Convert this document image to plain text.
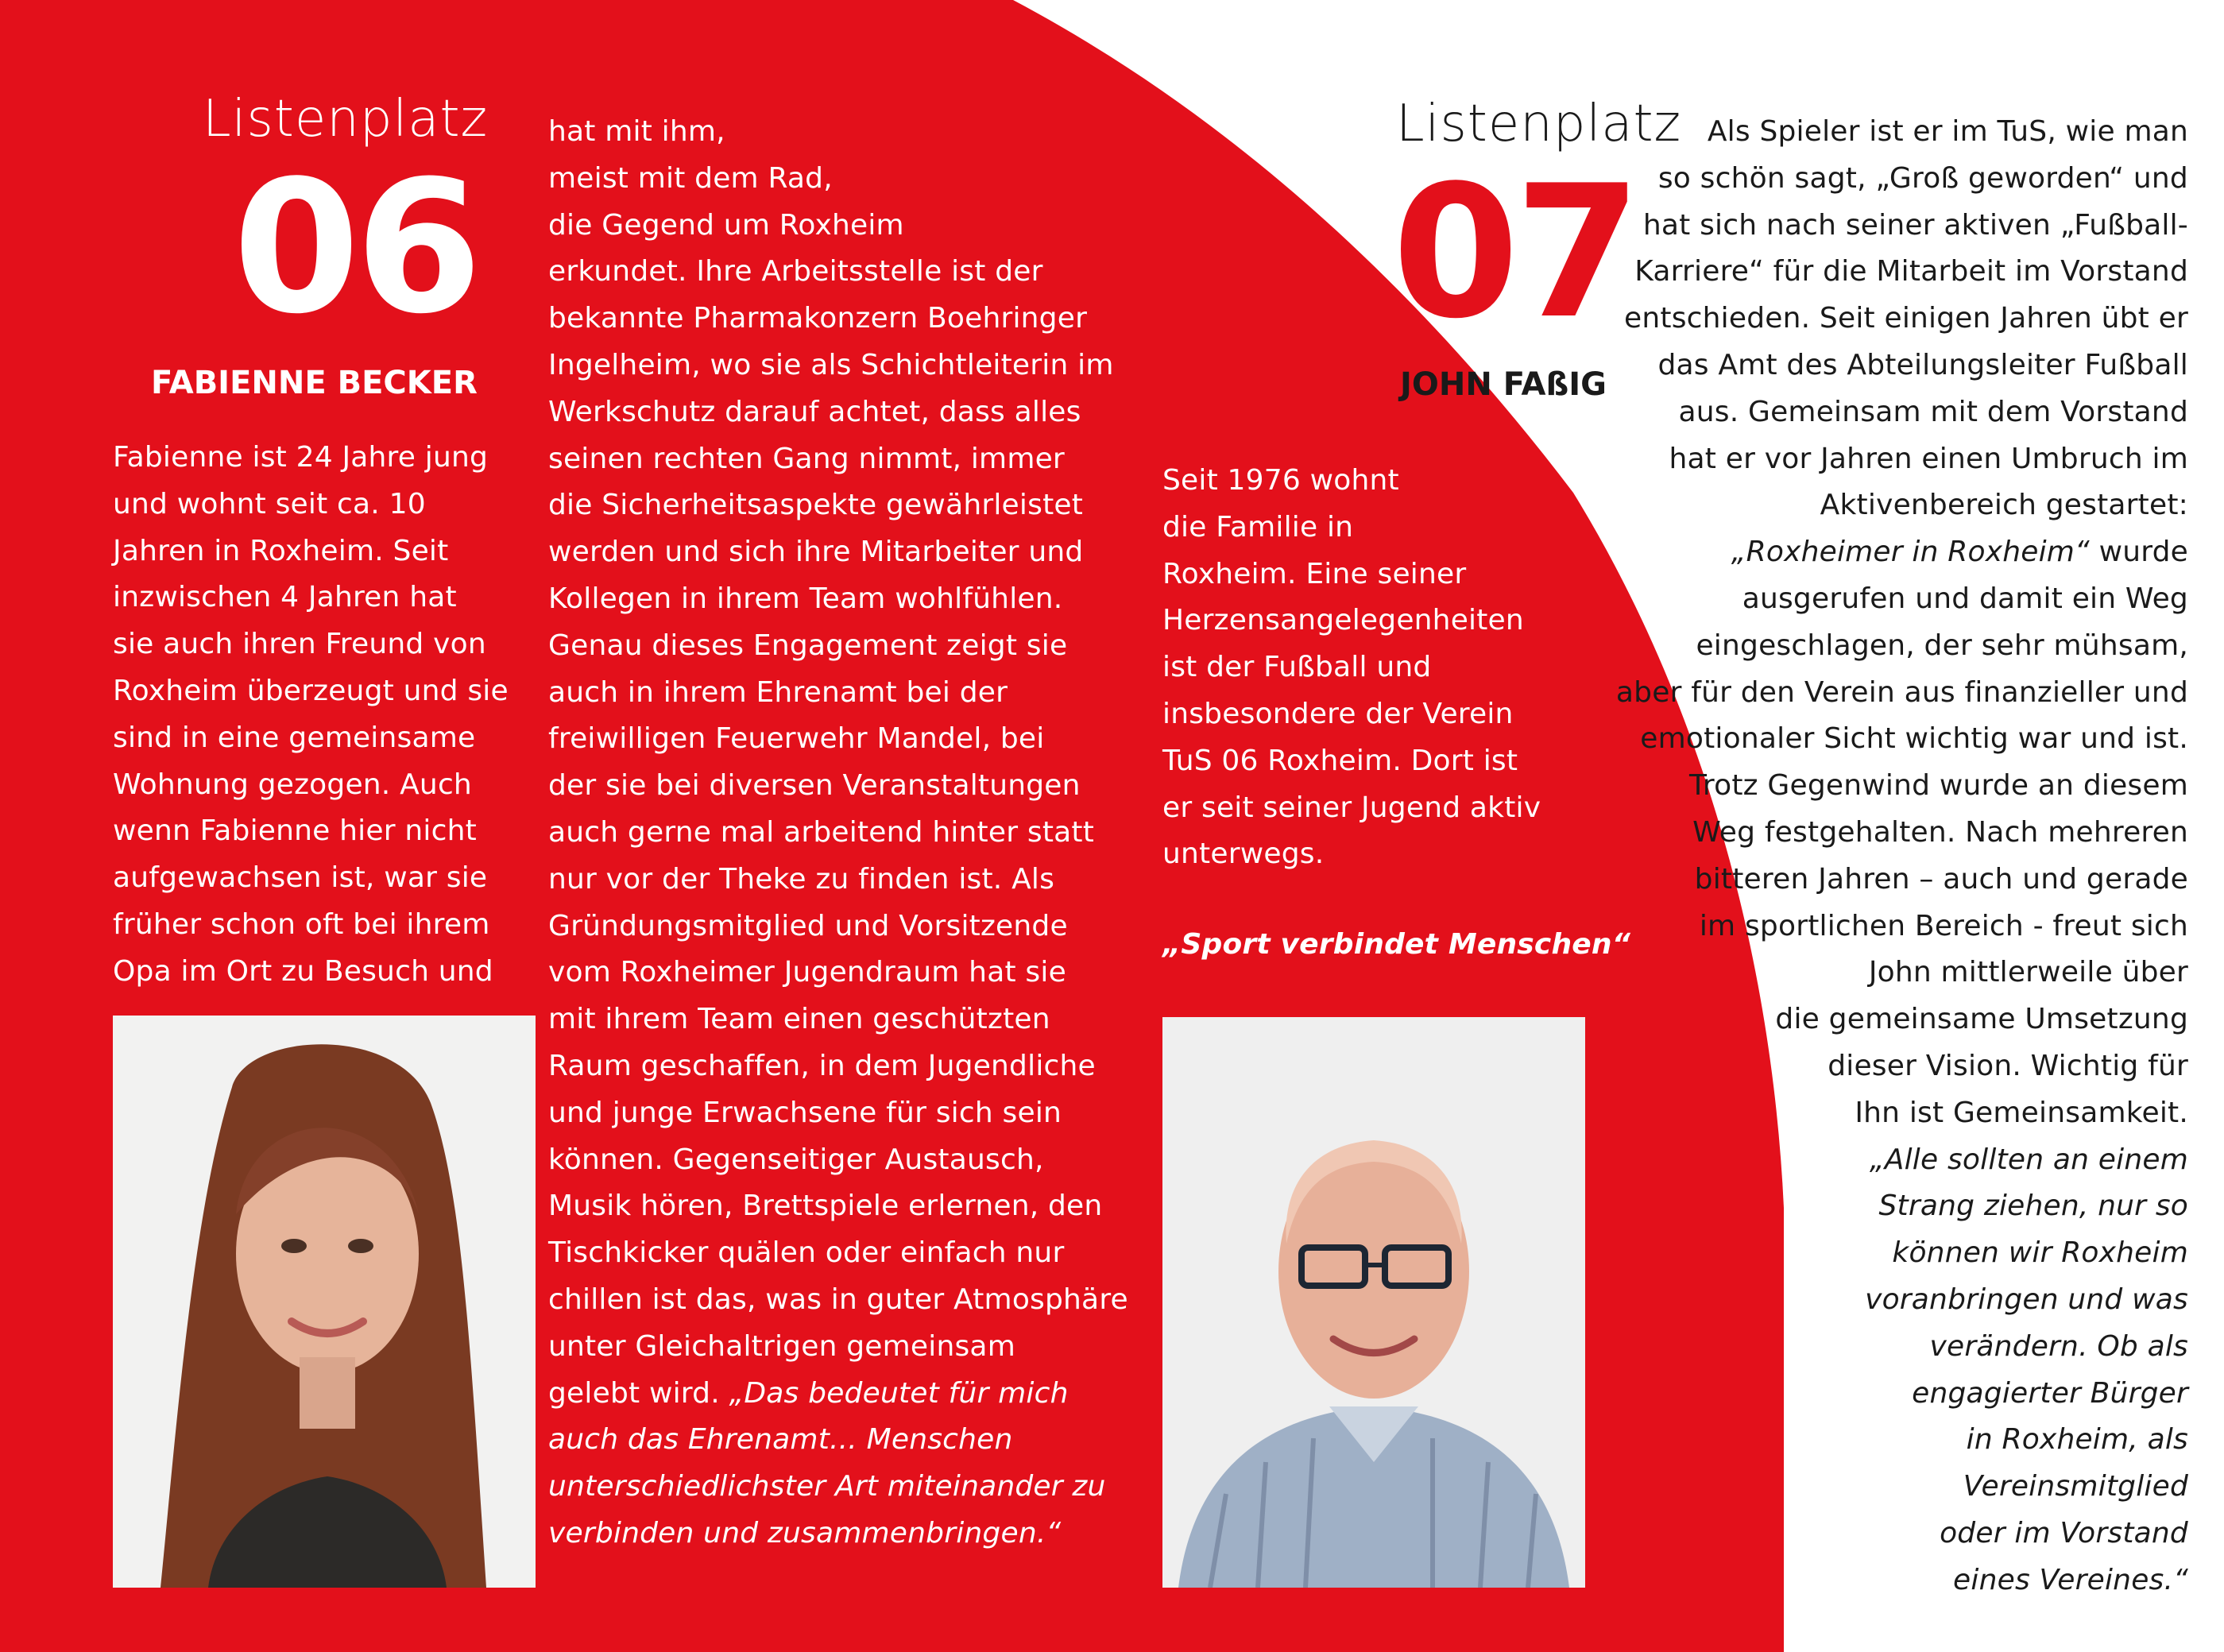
Listenplatz
06
FABIENNE BECKER
Fabienne ist 24 Jahre jung
und wohnt seit ca. 10
Jahren in Roxheim. Seit
inzwischen 4 Jahren hat
sie auch ihren Freund von
Roxheim überzeugt und sie
sind in eine gemeinsame
Wohnung gezogen. Auch
wenn Fabienne hier nicht
aufgewachsen ist, war sie
früher schon oft bei ihrem
Opa im Ort zu Besuch und
hat mit ihm,
meist mit dem Rad,
die Gegend um Roxheim
erkundet. Ihre Arbeitsstelle ist der
bekannte Pharmakonzern Boehringer
Ingelheim, wo sie als Schichtleiterin im
Werkschutz darauf achtet, dass alles
seinen rechten Gang nimmt, immer
die Sicherheitsaspekte gewährleistet
werden und sich ihre Mitarbeiter und
Kollegen in ihrem Team wohlfühlen.
Genau dieses Engagement zeigt sie
auch in ihrem Ehrenamt bei der
freiwilligen Feuerwehr Mandel, bei
der sie bei diversen Veranstaltungen
auch gerne mal arbeitend hinter statt
nur vor der Theke zu finden ist. Als
Gründungsmitglied und Vorsitzende
vom Roxheimer Jugendraum hat sie
mit ihrem Team einen geschützten
Raum geschaffen, in dem Jugendliche
und junge Erwachsene für sich sein
können. Gegenseitiger Austausch,
Musik hören, Brettspiele erlernen, den
Tischkicker quälen oder einfach nur
chillen ist das, was in guter Atmosphäre
unter Gleichaltrigen gemeinsam
gelebt wird. „Das bedeutet für mich
auch das Ehrenamt... Menschen
unterschiedlichster Art miteinander zu
verbinden und zusammenbringen.“
Listenplatz
07
JOHN FAßIG
Seit 1976 wohnt
die Familie in
Roxheim. Eine seiner
Herzensangelegenheiten
ist der Fußball und
insbesondere der Verein
TuS 06 Roxheim. Dort ist
er seit seiner Jugend aktiv
unterwegs.
„Sport verbindet Menschen“
Als Spieler ist er im TuS, wie man
so schön sagt, „Groß geworden“ und
hat sich nach seiner aktiven „Fußball-
Karriere“ für die Mitarbeit im Vorstand
entschieden. Seit einigen Jahren übt er
das Amt des Abteilungsleiter Fußball
aus. Gemeinsam mit dem Vorstand
hat er vor Jahren einen Umbruch im
Aktivenbereich gestartet:
„Roxheimer in Roxheim“ wurde
ausgerufen und damit ein Weg
eingeschlagen, der sehr mühsam,
aber für den Verein aus finanzieller und
emotionaler Sicht wichtig war und ist.
Trotz Gegenwind wurde an diesem
Weg festgehalten. Nach mehreren
bitteren Jahren – auch und gerade
im sportlichen Bereich - freut sich
John mittlerweile über
die gemeinsame Umsetzung
dieser Vision. Wichtig für
Ihn ist Gemeinsamkeit.
„Alle sollten an einem
Strang ziehen, nur so
können wir Roxheim
voranbringen und was
verändern. Ob als
engagierter Bürger
in Roxheim, als
Vereinsmitglied
oder im Vorstand
eines Vereines.“
